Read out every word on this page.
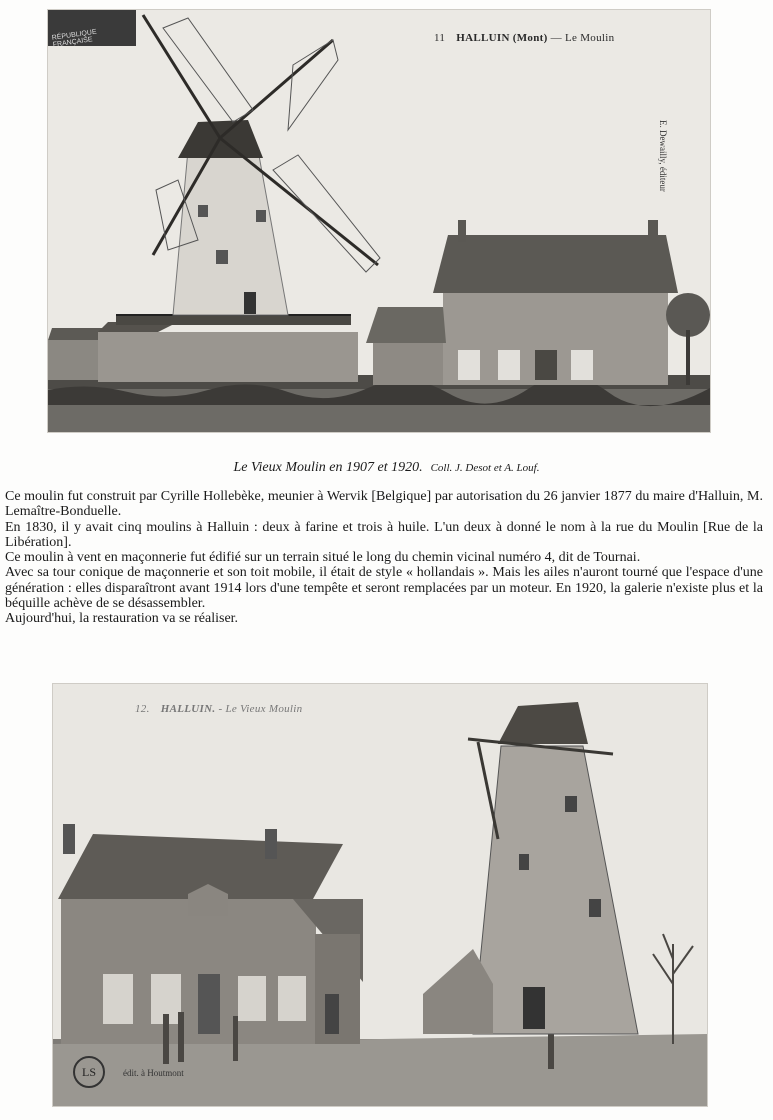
RÉPUBLIQUE FRANÇAISE	11 HALLUIN (Mont) — Le Moulin
E. Dewailly, éditeur
Le Vieux Moulin en 1907 et 1920. Coll. J. Desot et A. Louf.

Ce moulin fut construit par Cyrille Hollebèke, meunier à Wervik [Belgique] par autorisation du 26 janvier 1877 du maire d'Halluin, M. Lemaître-Bonduelle.

En 1830, il y avait cinq moulins à Halluin : deux à farine et trois à huile. L'un deux à donné le nom à la rue du Moulin [Rue de la Libération].

Ce moulin à vent en maçonnerie fut édifié sur un terrain situé le long du chemin vicinal numéro 4, dit de Tournai.

Avec sa tour conique de maçonnerie et son toit mobile, il était de style « hollandais ». Mais les ailes n'auront tourné que l'espace d'une génération : elles disparaîtront avant 1914 lors d'une tempête et seront remplacées par un moteur. En 1920, la galerie n'existe plus et la béquille achève de se désassembler.

Aujourd'hui, la restauration va se réaliser.

12. HALLUIN. - Le Vieux Moulin
LS	édit. à Houtmont
